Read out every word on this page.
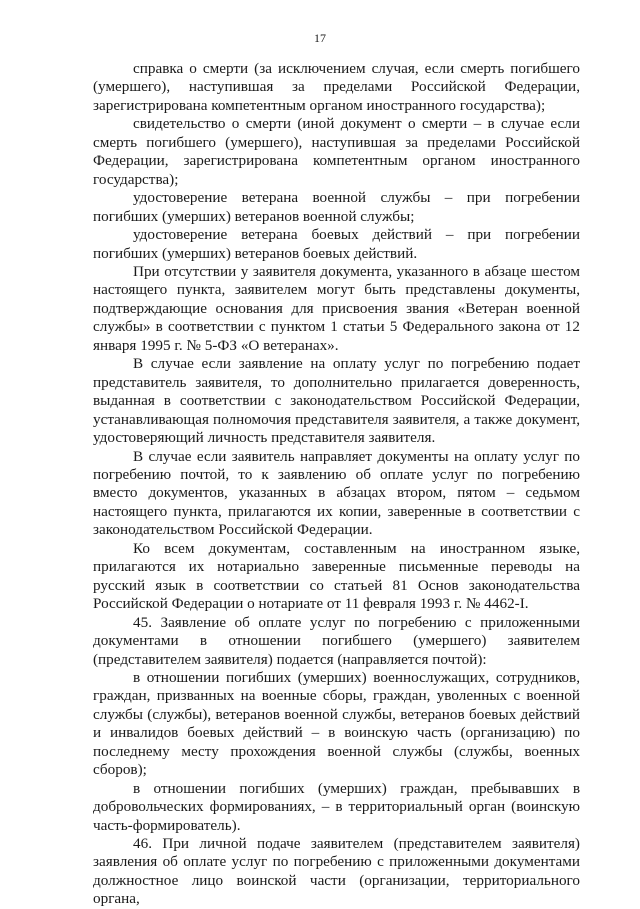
17

справка о смерти (за исключением случая, если смерть погибшего (умершего), наступившая за пределами Российской Федерации, зарегистрирована компетентным органом иностранного государства);

свидетельство о смерти (иной документ о смерти – в случае если смерть погибшего (умершего), наступившая за пределами Российской Федерации, зарегистрирована компетентным органом иностранного государства);

удостоверение ветерана военной службы – при погребении погибших (умерших) ветеранов военной службы;

удостоверение ветерана боевых действий – при погребении погибших (умерших) ветеранов боевых действий.

При отсутствии у заявителя документа, указанного в абзаце шестом настоящего пункта, заявителем могут быть представлены документы, подтверждающие основания для присвоения звания «Ветеран военной службы» в соответствии с пунктом 1 статьи 5 Федерального закона от 12 января 1995 г. № 5-ФЗ «О ветеранах».

В случае если заявление на оплату услуг по погребению подает представитель заявителя, то дополнительно прилагается доверенность, выданная в соответствии с законодательством Российской Федерации, устанавливающая полномочия представителя заявителя, а также документ, удостоверяющий личность представителя заявителя.

В случае если заявитель направляет документы на оплату услуг по погребению почтой, то к заявлению об оплате услуг по погребению вместо документов, указанных в абзацах втором, пятом – седьмом настоящего пункта, прилагаются их копии, заверенные в соответствии с законодательством Российской Федерации.

Ко всем документам, составленным на иностранном языке, прилагаются их нотариально заверенные письменные переводы на русский язык в соответствии со статьей 81 Основ законодательства Российской Федерации о нотариате от 11 февраля 1993 г. № 4462-I.

45. Заявление об оплате услуг по погребению с приложенными документами в отношении погибшего (умершего) заявителем (представителем заявителя) подается (направляется почтой):

в отношении погибших (умерших) военнослужащих, сотрудников, граждан, призванных на военные сборы, граждан, уволенных с военной службы (службы), ветеранов военной службы, ветеранов боевых действий и инвалидов боевых действий – в воинскую часть (организацию) по последнему месту прохождения военной службы (службы, военных сборов);

в отношении погибших (умерших) граждан, пребывавших в добровольческих формированиях, – в территориальный орган (воинскую часть-формирователь).

46. При личной подаче заявителем (представителем заявителя) заявления об оплате услуг по погребению с приложенными документами должностное лицо воинской части (организации, территориального органа,
